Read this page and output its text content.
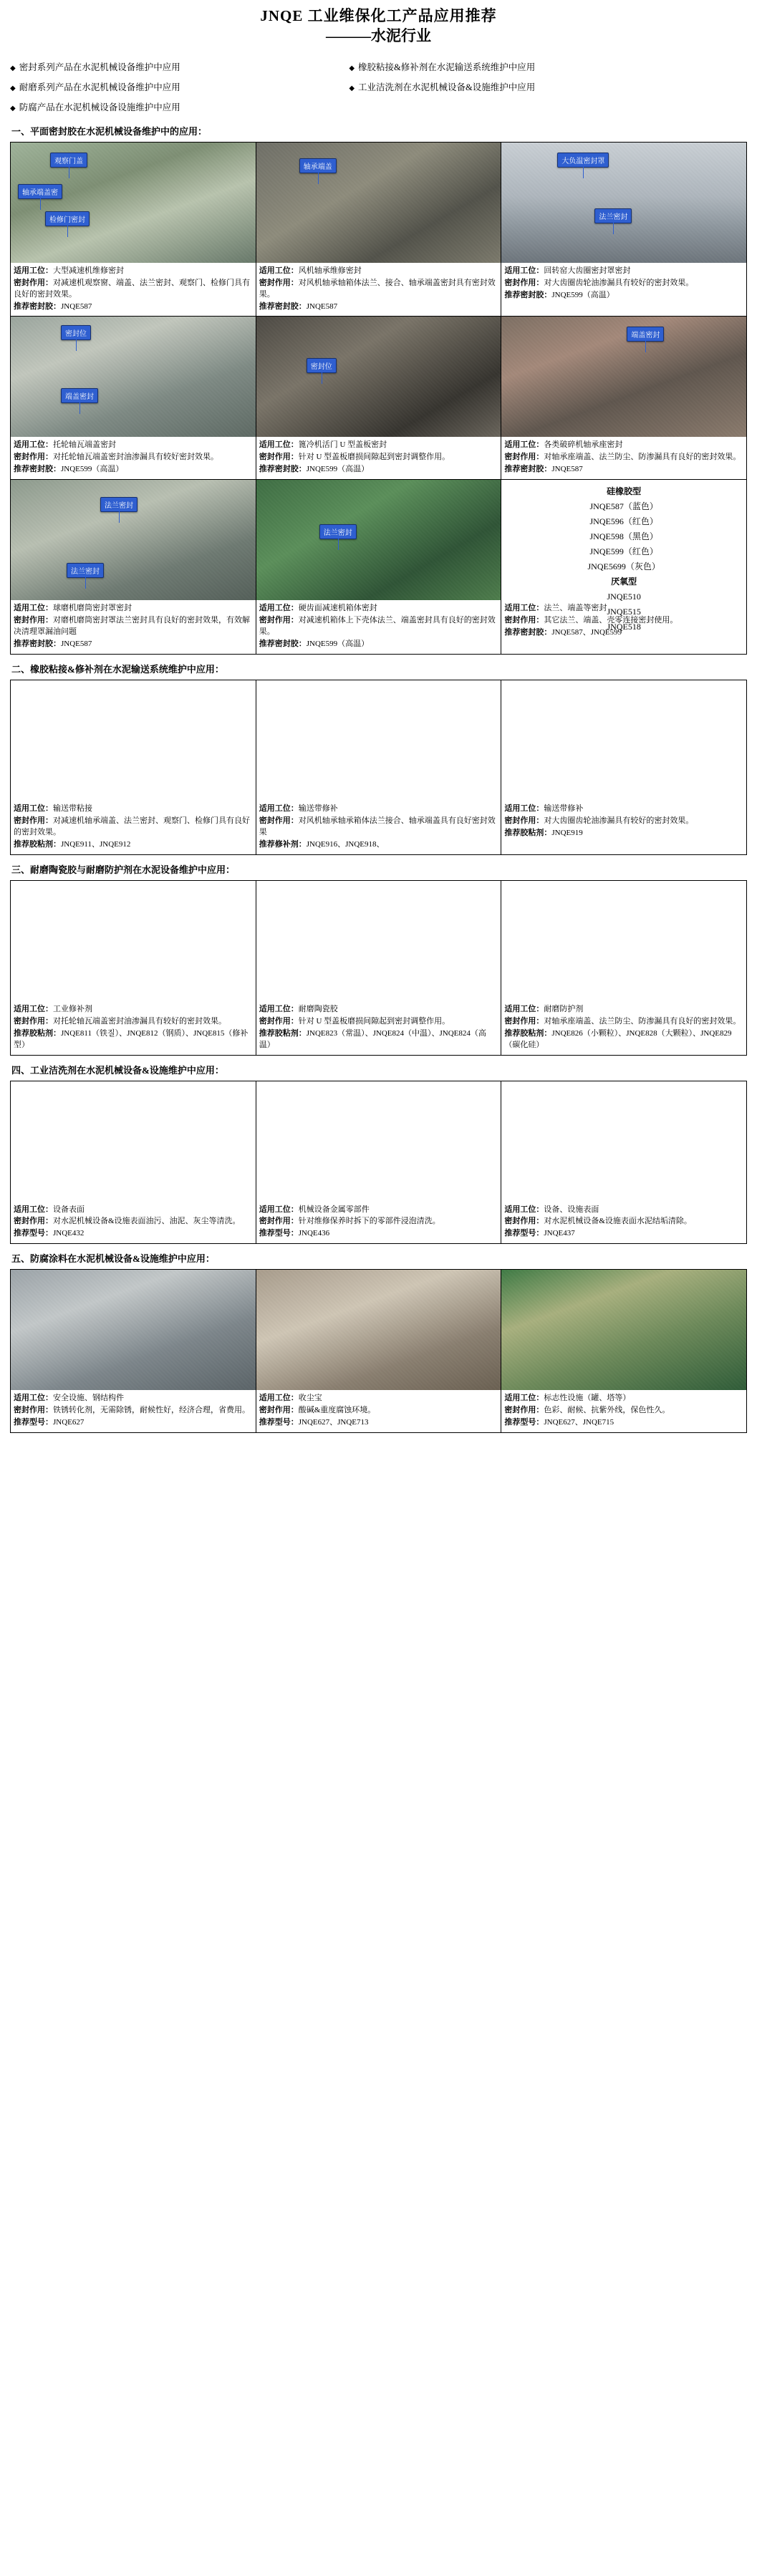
JNQE 工业维保化工产品应用推荐
———水泥行业
◆ 密封系列产品在水泥机械设备维护中应用	◆ 橡胶粘接&修补剂在水泥输送系统维护中应用
◆ 耐磨系列产品在水泥机械设备维护中应用	◆ 工业洁洗剂在水泥机械设备&设施维护中应用
◆ 防腐产品在水泥机械设备设施维护中应用	
一、平面密封胶在水泥机械设备维护中的应用：
观察门盖
轴承端盖密
检修门密封
适用工位：大型减速机维修密封
密封作用：对减速机观察窗、端盖、法兰密封、观察门、检修门具有良好的密封效果。
推荐密封胶：JNQE587

轴承端盖
适用工位：风机轴承维修密封
密封作用：对风机轴承轴箱体法兰、接合、轴承端盖密封具有密封效果。
推荐密封胶：JNQE587

大负温密封罩
法兰密封
适用工位：回转窑大齿圈密封罩密封
密封作用：对大齿圈齿轮油渗漏具有较好的密封效果。
推荐密封胶：JNQE599（高温）

密封位
端盖密封
适用工位：托轮轴瓦端盖密封
密封作用：对托轮轴瓦端盖密封油渗漏具有较好密封效果。
推荐密封胶：JNQE599（高温）

密封位
适用工位：篦冷机活门 U 型盖板密封
密封作用：针对 U 型盖板磨损间隙起到密封调整作用。
推荐密封胶：JNQE599（高温）

端盖密封
适用工位：各类破碎机轴承座密封
密封作用：对轴承座端盖、法兰防尘、防渗漏具有良好的密封效果。
推荐密封胶：JNQE587

法兰密封
法兰密封
适用工位：球磨机磨筒密封罩密封
密封作用：对磨机磨筒密封罩法兰密封具有良好的密封效果，有效解决清理罩漏油问题
推荐密封胶：JNQE587

法兰密封
适用工位：硬齿面减速机箱体密封
密封作用：对减速机箱体上下壳体法兰、端盖密封具有良好的密封效果。
推荐密封胶：JNQE599（高温）

硅橡胶型
JNQE587（蓝色）
JNQE596（红色）
JNQE598（黑色）
JNQE599（红色）
JNQE5699（灰色）
厌氧型
JNQE510
JNQE515
JNQE518
适用工位：法兰、端盖等密封
密封作用：其它法兰、端盖、壳零连接密封使用。
推荐密封胶：JNQE587、JNQE599
二、橡胶粘接&修补剂在水泥输送系统维护中应用：
适用工位：输送带粘接
密封作用：对减速机轴承端盖、法兰密封、观察门、检修门具有良好的密封效果。
推荐胶粘剂：JNQE911、JNQE912

适用工位：输送带修补
密封作用：对风机轴承轴承箱体法兰接合、轴承端盖具有良好密封效果
推荐修补剂：JNQE916、JNQE918、

适用工位：输送带修补
密封作用：对大齿圈齿轮油渗漏具有较好的密封效果。
推荐胶粘剂：JNQE919
三、耐磨陶瓷胶与耐磨防护剂在水泥设备维护中应用：
适用工位：工业修补剂
密封作用：对托轮轴瓦端盖密封油渗漏具有较好的密封效果。
推荐胶粘剂：JNQE811（铁질）、JNQE812（钢质）、JNQE815（修补型）

适用工位：耐磨陶瓷胶
密封作用：针对 U 型盖板磨损间隙起到密封调整作用。
推荐胶粘剂：JNQE823（常温）、JNQE824（中温）、JNQE824（高温）

适用工位：耐磨防护剂
密封作用：对轴承座端盖、法兰防尘、防渗漏具有良好的密封效果。
推荐胶粘剂：JNQE826（小颗粒）、JNQE828（大颗粒）、JNQE829（碳化硅）
四、工业洁洗剂在水泥机械设备&设施维护中应用：
适用工位：设备表面
密封作用：对水泥机械设备&设施表面油污、油泥、灰尘等清洗。
推荐型号：JNQE432

适用工位：机械设备金属零部件
密封作用：针对维修保养时拆下的零部件浸泡清洗。
推荐型号：JNQE436

适用工位：设备、设施表面
密封作用：对水泥机械设备&设施表面水泥结垢清除。
推荐型号：JNQE437
五、防腐涂料在水泥机械设备&设施维护中应用：
适用工位：安全设施、钢结构件
密封作用：铁锈转化剂，无需除锈，耐候性好，经济合理，省费用。
推荐型号：JNQE627

适用工位：收尘宝
密封作用：酸碱&重度腐蚀环境。
推荐型号：JNQE627、JNQE713

适用工位：标志性设施（罐、塔等）
密封作用：色彩、耐候、抗紫外线，保色性久。
推荐型号：JNQE627、JNQE715
